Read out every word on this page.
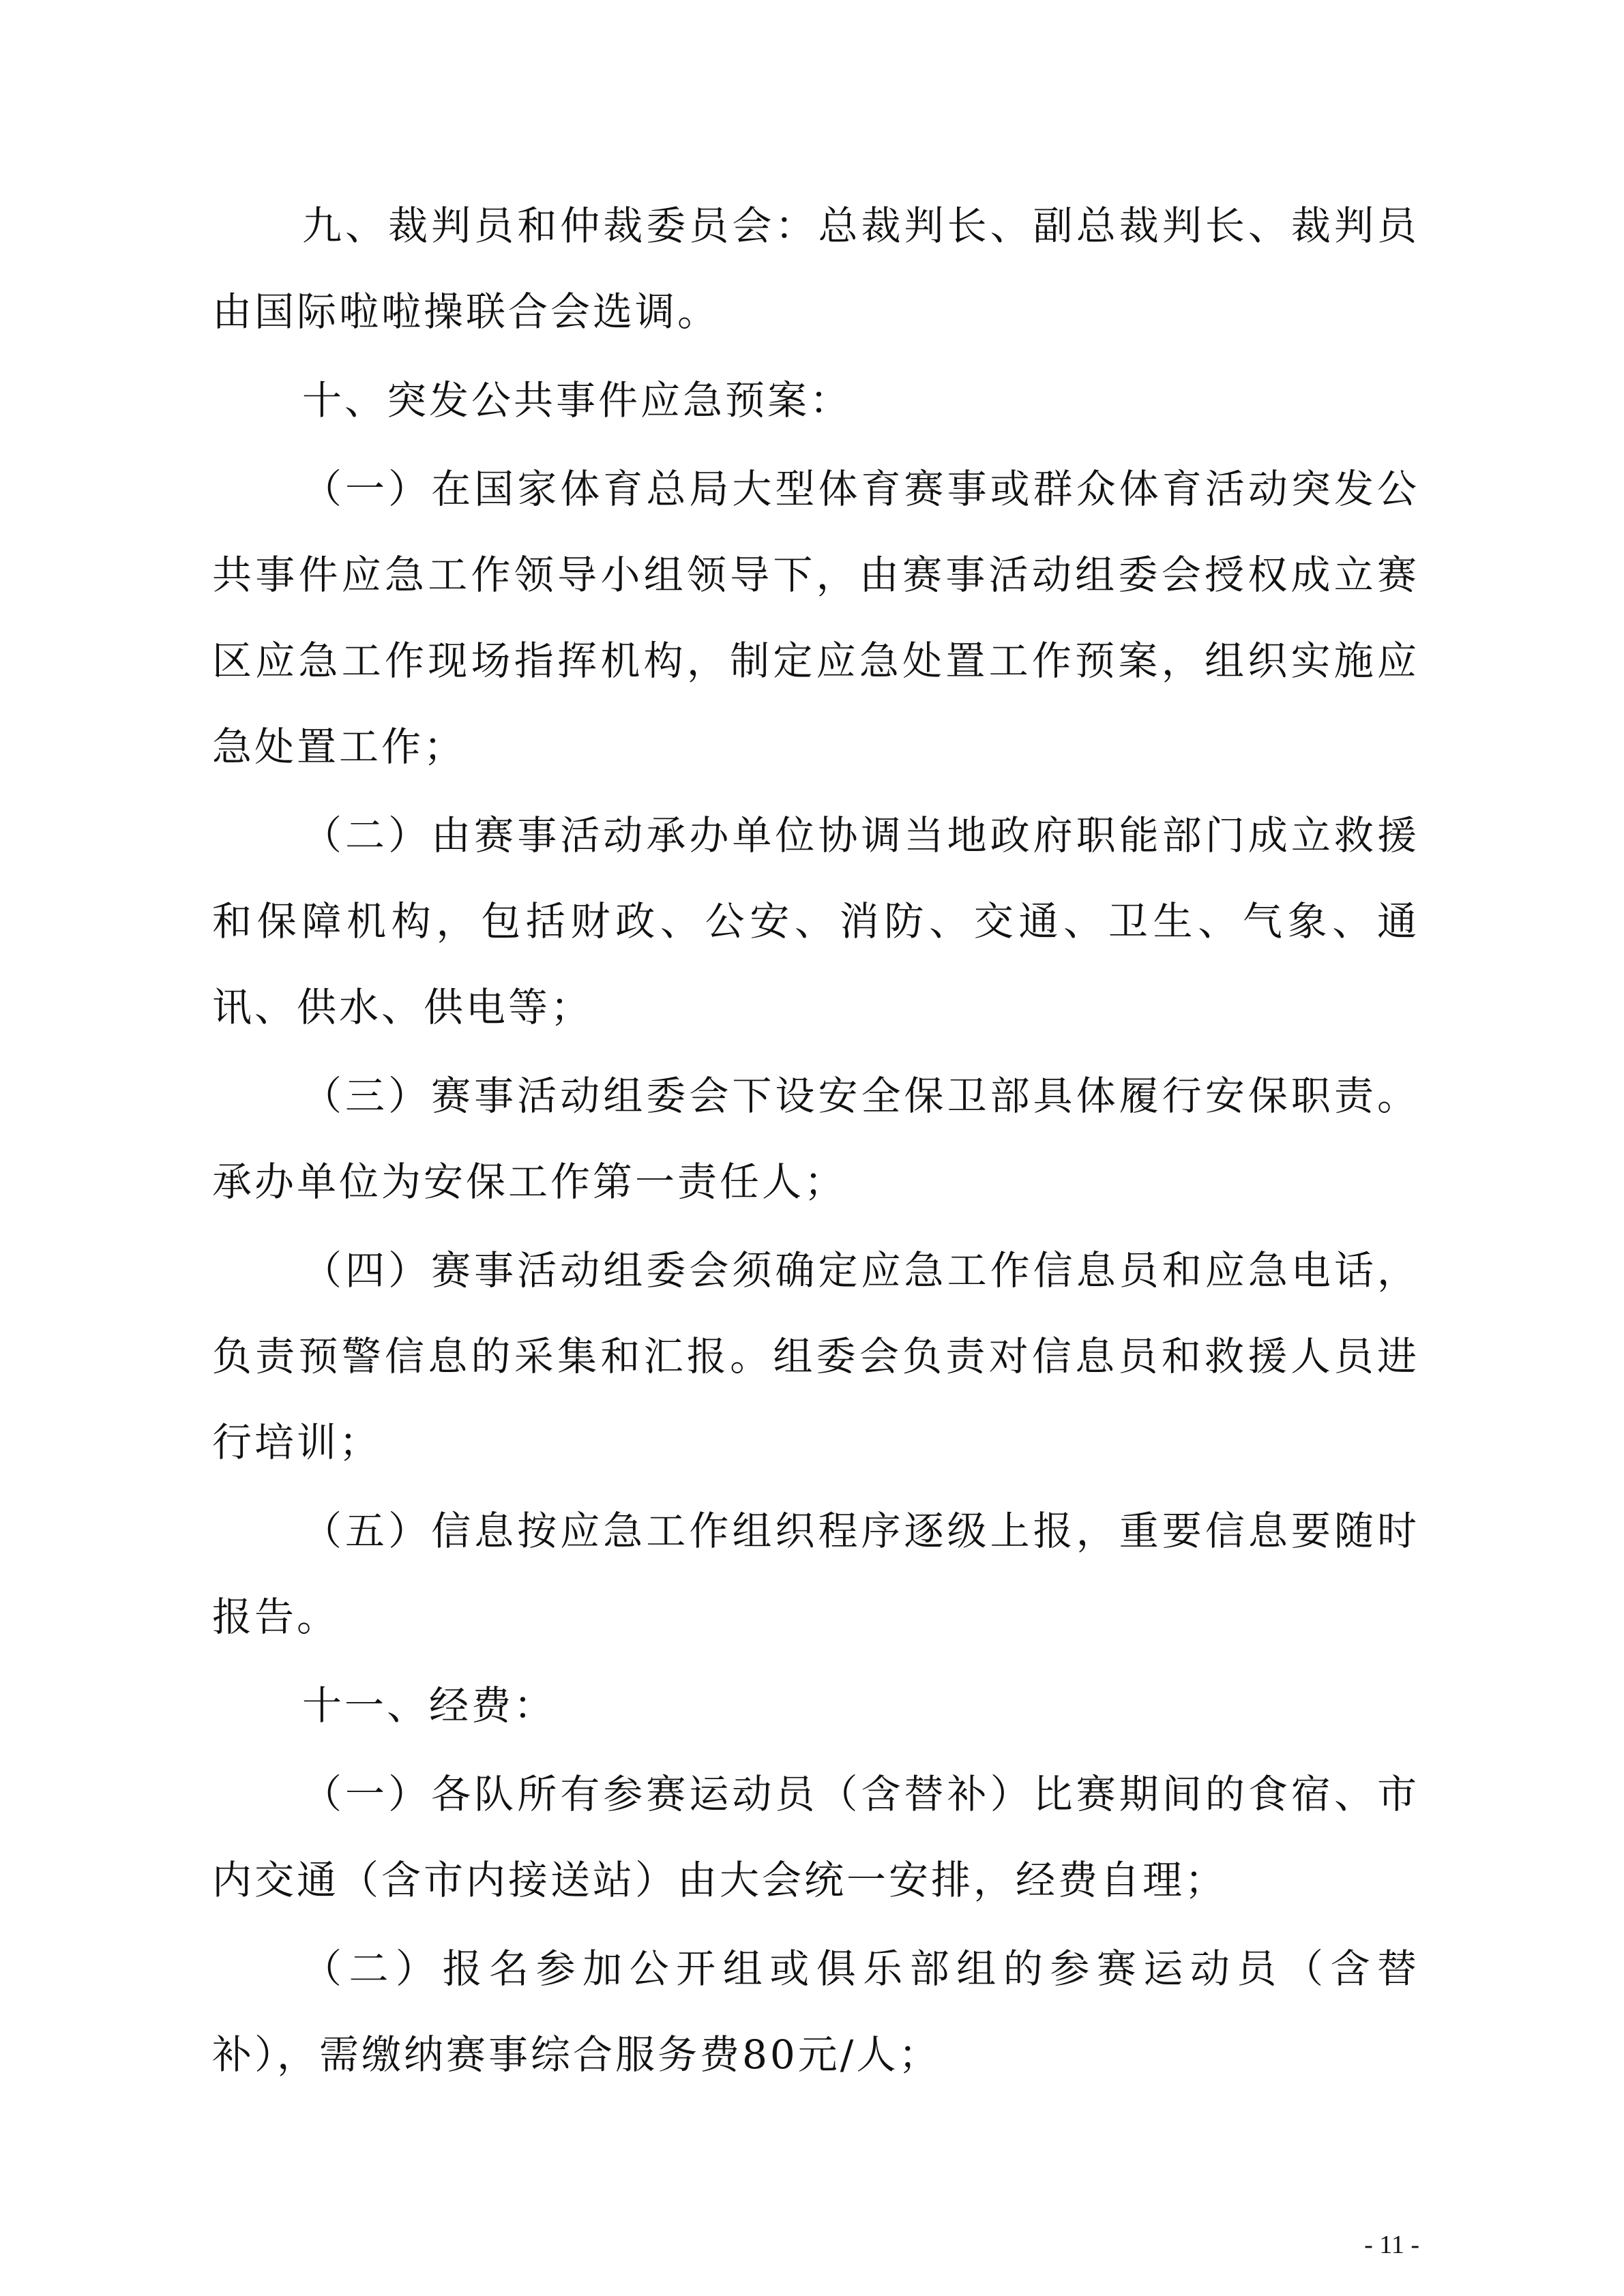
九、裁判员和仲裁委员会：总裁判长、副总裁判长、裁判员由国际啦啦操联合会选调。

十、突发公共事件应急预案：

（一）在国家体育总局大型体育赛事或群众体育活动突发公共事件应急工作领导小组领导下，由赛事活动组委会授权成立赛区应急工作现场指挥机构，制定应急处置工作预案，组织实施应急处置工作；

（二）由赛事活动承办单位协调当地政府职能部门成立救援和保障机构，包括财政、公安、消防、交通、卫生、气象、通讯、供水、供电等；

（三）赛事活动组委会下设安全保卫部具体履行安保职责。承办单位为安保工作第一责任人；

（四）赛事活动组委会须确定应急工作信息员和应急电话，负责预警信息的采集和汇报。组委会负责对信息员和救援人员进行培训；

（五）信息按应急工作组织程序逐级上报，重要信息要随时报告。

十一、经费：

（一）各队所有参赛运动员（含替补）比赛期间的食宿、市内交通（含市内接送站）由大会统一安排，经费自理；

（二）报名参加公开组或俱乐部组的参赛运动员（含替补），需缴纳赛事综合服务费80元/人；

- 11 -
